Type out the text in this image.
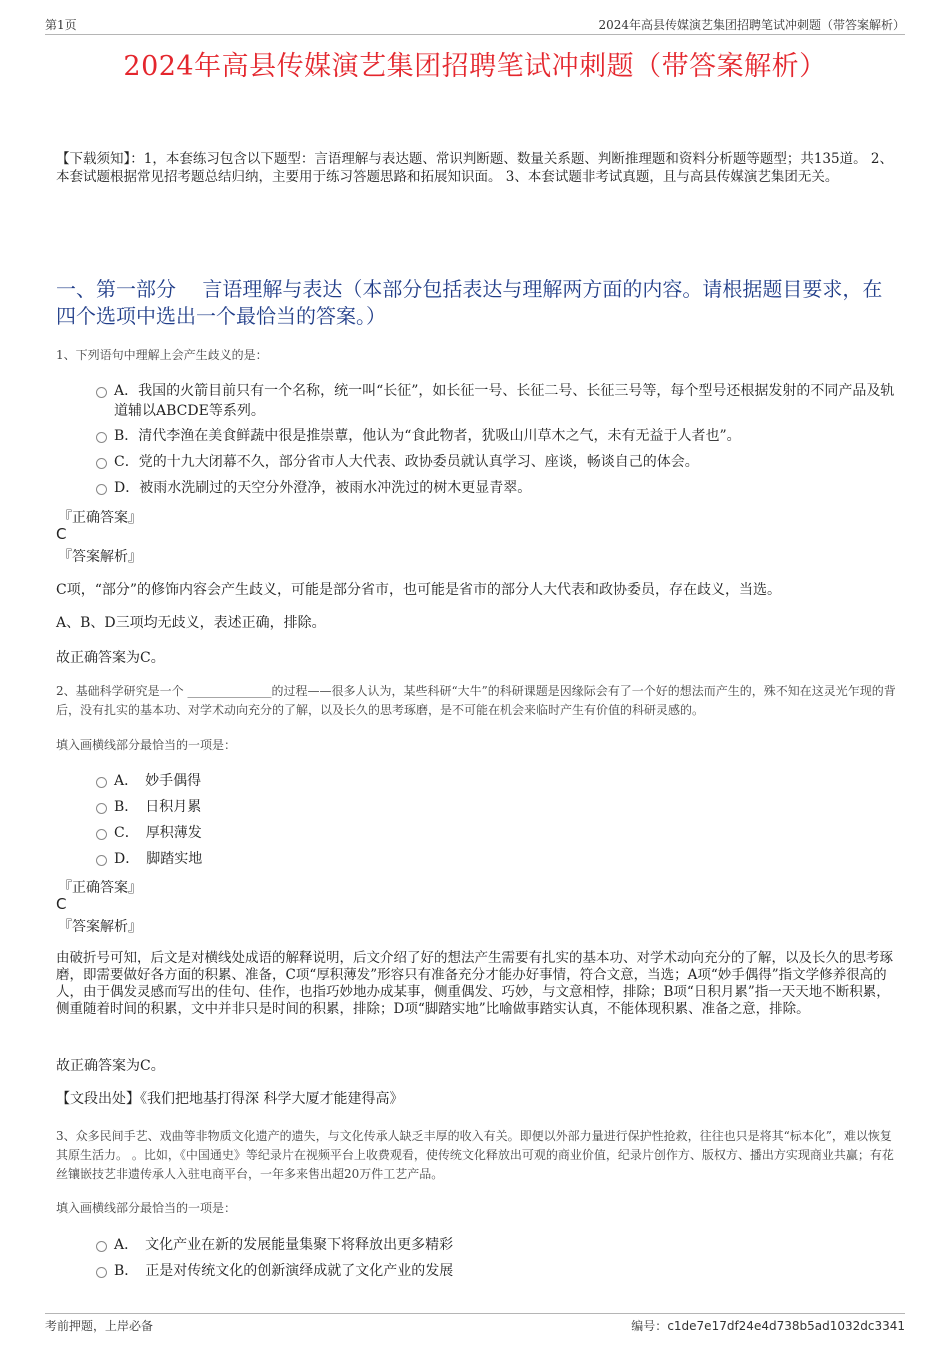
第1页	2024年高县传媒演艺集团招聘笔试冲刺题（带答案解析）
2024年高县传媒演艺集团招聘笔试冲刺题（带答案解析）
【下载须知】：1，本套练习包含以下题型：言语理解与表达题、常识判断题、数量关系题、判断推理题和资料分析题等题型；共135道。 2、本套试题根据常见招考题总结归纳，主要用于练习答题思路和拓展知识面。 3、本套试题非考试真题，且与高县传媒演艺集团无关。
一、第一部分　 言语理解与表达（本部分包括表达与理解两方面的内容。请根据题目要求，在四个选项中选出一个最恰当的答案。）
1、下列语句中理解上会产生歧义的是：
A．我国的火箭目前只有一个名称，统一叫“长征”，如长征一号、长征二号、长征三号等，每个型号还根据发射的不同产品及轨道辅以ABCDE等系列。
B．清代李渔在美食鲜蔬中很是推崇蕈，他认为“食此物者，犹吸山川草木之气，未有无益于人者也”。
C．党的十九大闭幕不久，部分省市人大代表、政协委员就认真学习、座谈，畅谈自己的体会。
D．被雨水洗刷过的天空分外澄净，被雨水冲洗过的树木更显青翠。
『正确答案』
C
『答案解析』
C项，“部分”的修饰内容会产生歧义，可能是部分省市，也可能是省市的部分人大代表和政协委员，存在歧义，当选。
A、B、D三项均无歧义，表述正确，排除。
故正确答案为C。
2、基础科学研究是一个 ______________的过程——很多人认为，某些科研“大牛”的科研课题是因缘际会有了一个好的想法而产生的，殊不知在这灵光乍现的背后，没有扎实的基本功、对学术动向充分的了解，以及长久的思考琢磨，是不可能在机会来临时产生有价值的科研灵感的。
填入画横线部分最恰当的一项是：
A．　妙手偶得
B．　日积月累
C．　厚积薄发
D．　脚踏实地
『正确答案』
C
『答案解析』
由破折号可知，后文是对横线处成语的解释说明，后文介绍了好的想法产生需要有扎实的基本功、对学术动向充分的了解，以及长久的思考琢磨，即需要做好各方面的积累、准备，C项“厚积薄发”形容只有准备充分才能办好事情，符合文意，当选；A项“妙手偶得”指文学修养很高的人，由于偶发灵感而写出的佳句、佳作，也指巧妙地办成某事，侧重偶发、巧妙，与文意相悖，排除；B项“日积月累”指一天天地不断积累，侧重随着时间的积累，文中并非只是时间的积累，排除；D项“脚踏实地”比喻做事踏实认真，不能体现积累、准备之意，排除。
故正确答案为C。
【文段出处】《我们把地基打得深 科学大厦才能建得高》
3、众多民间手艺、戏曲等非物质文化遗产的遗失，与文化传承人缺乏丰厚的收入有关。即便以外部力量进行保护性抢救，往往也只是将其“标本化”，难以恢复其原生活力。 。比如，《中国通史》等纪录片在视频平台上收费观看，使传统文化释放出可观的商业价值，纪录片创作方、版权方、播出方实现商业共赢；有花丝镶嵌技艺非遗传承人入驻电商平台，一年多来售出超20万件工艺产品。
填入画横线部分最恰当的一项是：
A．　文化产业在新的发展能量集聚下将释放出更多精彩
B．　正是对传统文化的创新演绎成就了文化产业的发展
考前押题，上岸必备	编号：c1de7e17df24e4d738b5ad1032dc3341
